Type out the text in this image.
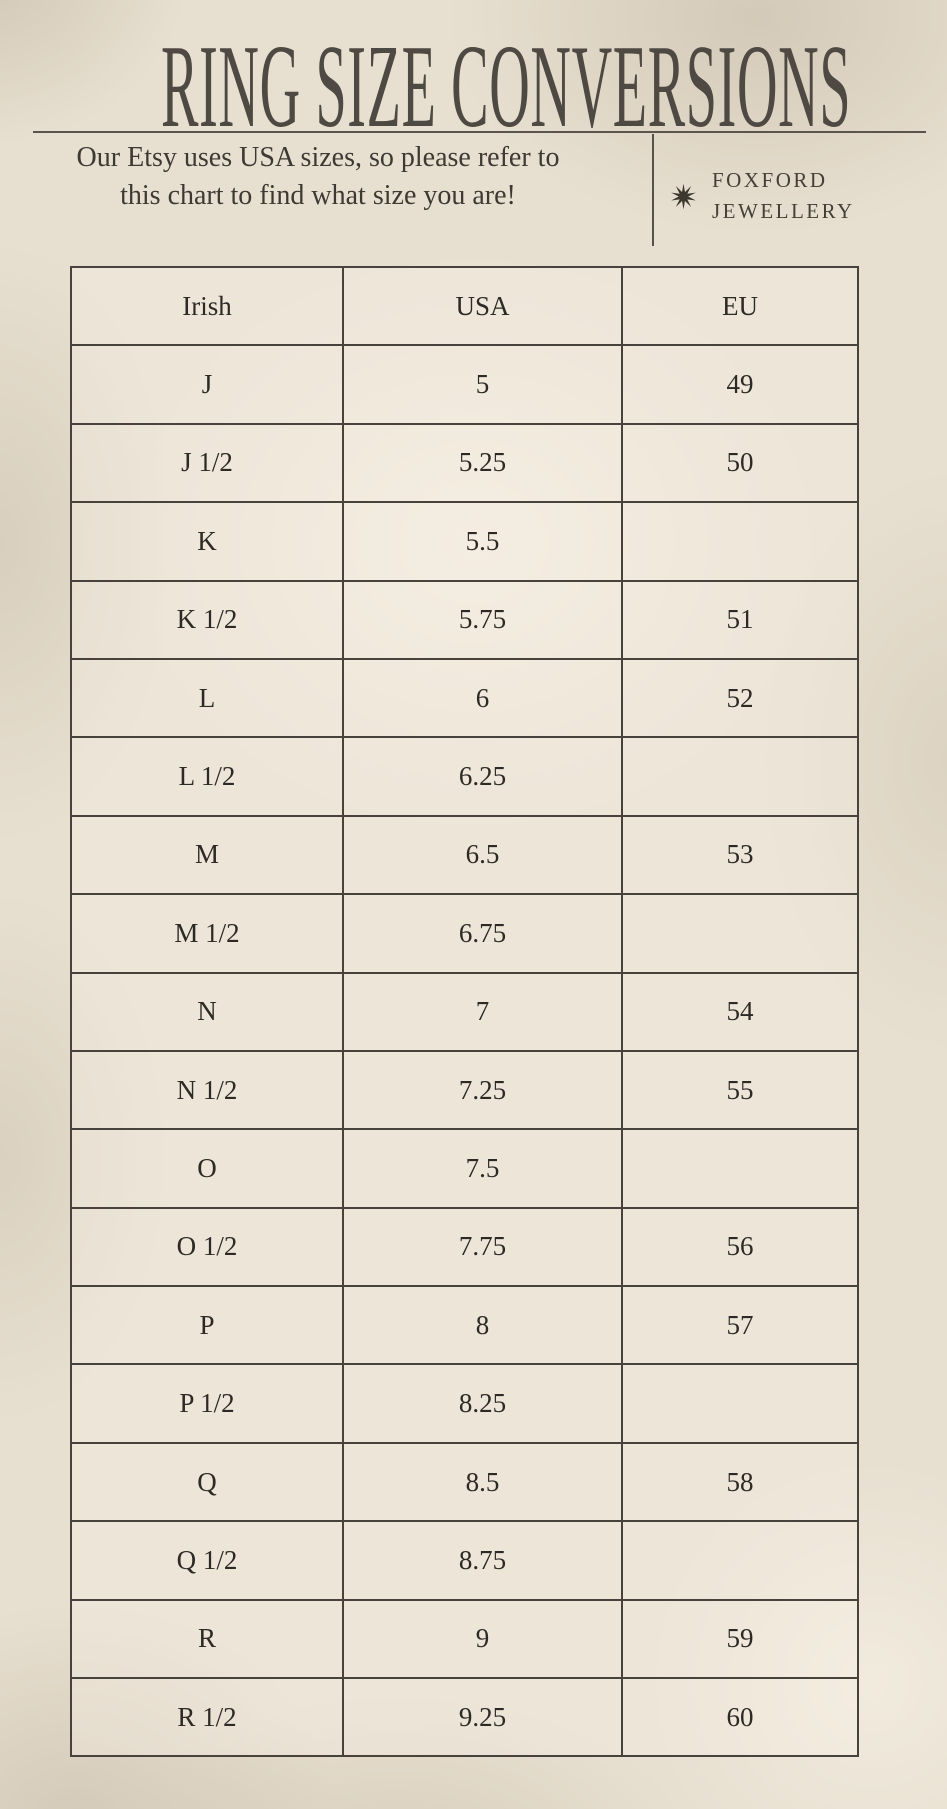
RING SIZE CONVERSIONS

Our Etsy uses USA sizes, so please refer to
this chart to find what size you are!	FOXFORD
JEWELLERY
Irish	USA	EU
J	5	49
J 1/2	5.25	50
K	5.5	
K 1/2	5.75	51
L	6	52
L 1/2	6.25	
M	6.5	53
M 1/2	6.75	
N	7	54
N 1/2	7.25	55
O	7.5	
O 1/2	7.75	56
P	8	57
P 1/2	8.25	
Q	8.5	58
Q 1/2	8.75	
R	9	59
R 1/2	9.25	60
